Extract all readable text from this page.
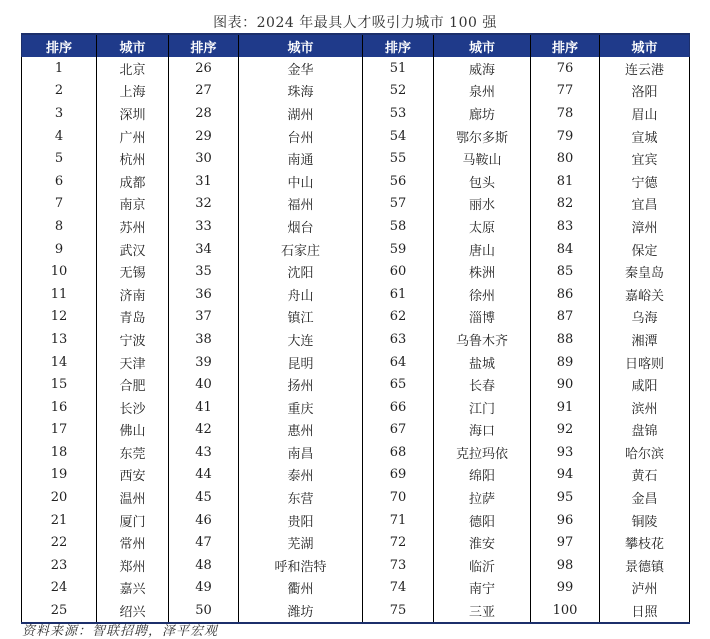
图表：2024 年最具人才吸引力城市 100 强
排序	城市	排序	城市	排序	城市	排序	城市
1	北京	26	金华	51	威海	76	连云港
2	上海	27	珠海	52	泉州	77	洛阳
3	深圳	28	湖州	53	廊坊	78	眉山
4	广州	29	台州	54	鄂尔多斯	79	宣城
5	杭州	30	南通	55	马鞍山	80	宜宾
6	成都	31	中山	56	包头	81	宁德
7	南京	32	福州	57	丽水	82	宜昌
8	苏州	33	烟台	58	太原	83	漳州
9	武汉	34	石家庄	59	唐山	84	保定
10	无锡	35	沈阳	60	株洲	85	秦皇岛
11	济南	36	舟山	61	徐州	86	嘉峪关
12	青岛	37	镇江	62	淄博	87	乌海
13	宁波	38	大连	63	乌鲁木齐	88	湘潭
14	天津	39	昆明	64	盐城	89	日喀则
15	合肥	40	扬州	65	长春	90	咸阳
16	长沙	41	重庆	66	江门	91	滨州
17	佛山	42	惠州	67	海口	92	盘锦
18	东莞	43	南昌	68	克拉玛依	93	哈尔滨
19	西安	44	泰州	69	绵阳	94	黄石
20	温州	45	东营	70	拉萨	95	金昌
21	厦门	46	贵阳	71	德阳	96	铜陵
22	常州	47	芜湖	72	淮安	97	攀枝花
23	郑州	48	呼和浩特	73	临沂	98	景德镇
24	嘉兴	49	衢州	74	南宁	99	泸州
25	绍兴	50	潍坊	75	三亚	100	日照
资料来源：智联招聘，泽平宏观
